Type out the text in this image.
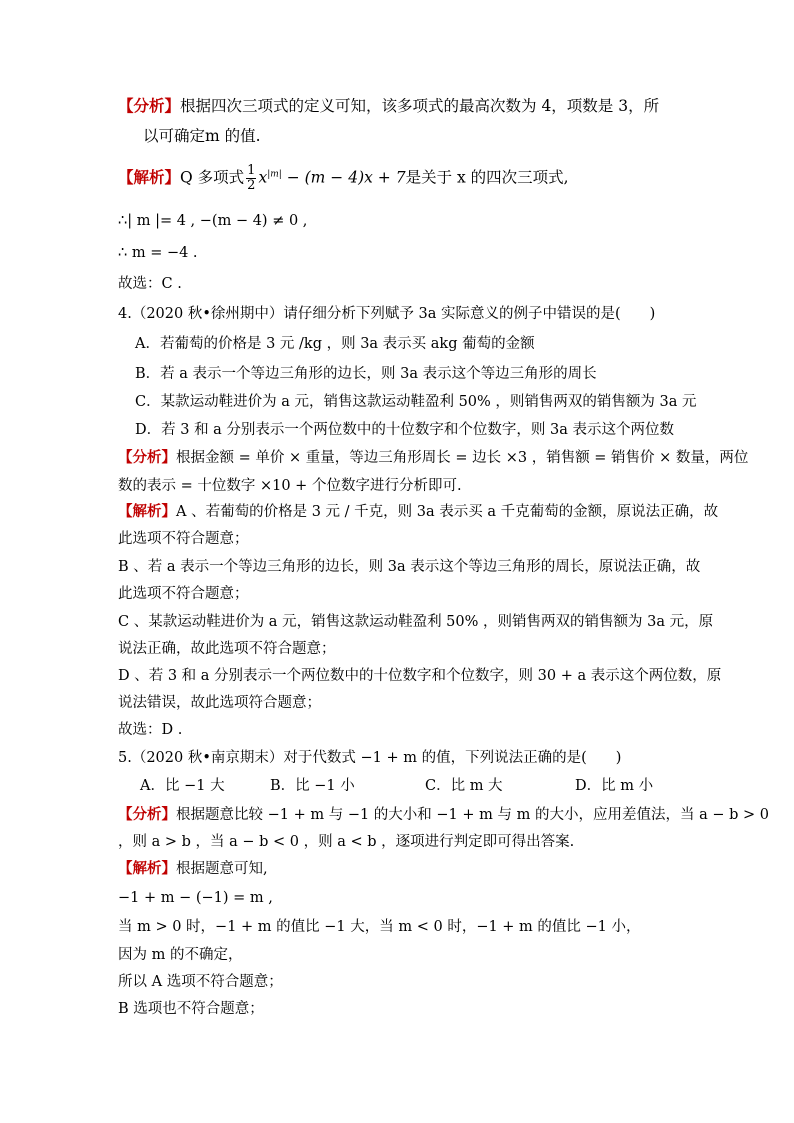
【分析】根据四次三项式的定义可知，该多项式的最高次数为 4，项数是 3，所
以可确定m 的值.
【解析】Q 多项式 $\frac{1}{2} x^{|m|} - (m - 4)x + 7$是关于 x 的四次三项式,
∴| m |= 4 , −(m − 4) ≠ 0 ,
∴ m = −4 .
故选：C .
4.（2020 秋•徐州期中）请仔细分析下列赋予 3a 实际意义的例子中错误的是(　　)
A．若葡萄的价格是 3 元 /kg ，则 3a 表示买 akg 葡萄的金额
B．若 a 表示一个等边三角形的边长，则 3a 表示这个等边三角形的周长
C．某款运动鞋进价为 a 元，销售这款运动鞋盈利 50% ，则销售两双的销售额为 3a 元
D．若 3 和 a 分别表示一个两位数中的十位数字和个位数字，则 3a 表示这个两位数
【分析】根据金额 = 单价 × 重量，等边三角形周长 = 边长 ×3 ，销售额 = 销售价 × 数量，两位
数的表示 = 十位数字 ×10 + 个位数字进行分析即可.
【解析】A 、若葡萄的价格是 3 元 / 千克，则 3a 表示买 a 千克葡萄的金额，原说法正确，故
此选项不符合题意；
B 、若 a 表示一个等边三角形的边长，则 3a 表示这个等边三角形的周长，原说法正确，故
此选项不符合题意；
C 、某款运动鞋进价为 a 元，销售这款运动鞋盈利 50% ，则销售两双的销售额为 3a 元，原
说法正确，故此选项不符合题意；
D 、若 3 和 a 分别表示一个两位数中的十位数字和个位数字，则 30 + a 表示这个两位数，原
说法错误，故此选项符合题意；
故选：D .
5.（2020 秋•南京期末）对于代数式 −1 + m 的值，下列说法正确的是(　　)
A．比 −1 大	B．比 −1 小	C．比 m 大	D．比 m 小
【分析】根据题意比较 −1 + m 与 −1 的大小和 −1 + m 与 m 的大小，应用差值法，当 a − b > 0
，则 a > b ，当 a − b < 0 ，则 a < b ，逐项进行判定即可得出答案.
【解析】根据题意可知,
−1 + m − (−1) = m ,
当 m > 0 时，−1 + m 的值比 −1 大，当 m < 0 时，−1 + m 的值比 −1 小，
因为 m 的不确定，
所以 A 选项不符合题意；
B 选项也不符合题意；
